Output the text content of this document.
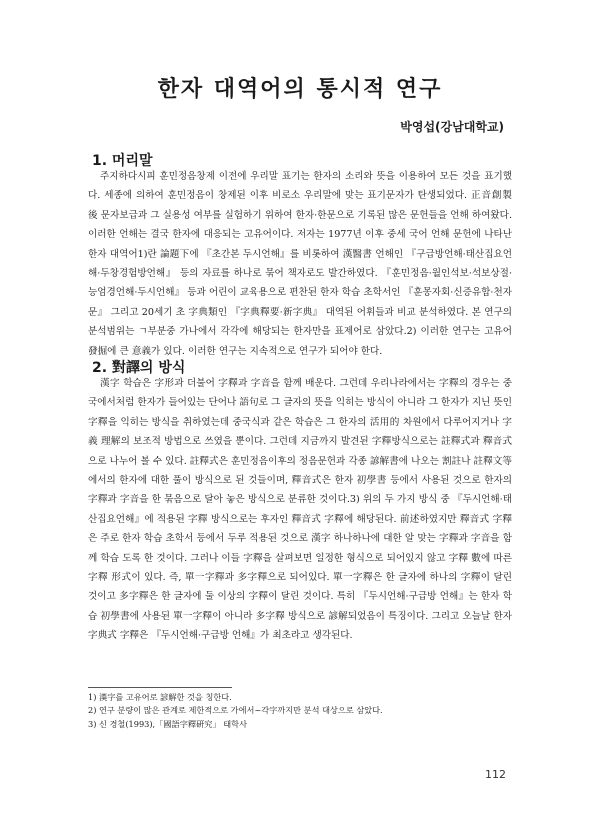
한자 대역어의 통시적 연구
박영섭(강남대학교)
1. 머리말

주지하다시피 훈민정음창제 이전에 우리말 표기는 한자의 소리와 뜻을 이용하여 모든 것을 표기했다. 세종에 의하여 훈민정음이 창제된 이후 비로소 우리말에 맞는 표기문자가 탄생되었다. 正音創製 後 문자보급과 그 실용성 여부를 실험하기 위하여 한자·한문으로 기록된 많은 문헌들을 언해 하여왔다. 이러한 언해는 결국 한자에 대응되는 고유어이다. 저자는 1977년 이후 중세 국어 언해 문헌에 나타난 한자 대역어1)란 論題下에 『초간본 두시언해』를 비롯하여 漢醫書 언해인 『구급방언해·태산집요언해·두창경험방언해』 등의 자료를 하나로 묶어 책자로도 발간하였다. 『훈민정음·월인석보·석보상절·능엄경언해·두시언해』 등과 어린이 교육용으로 편찬된 한자 학습 초학서인 『훈몽자회·신증유합·천자문』 그리고 20세기 초 字典類인 『字典釋要·新字典』 대역된 어휘들과 비교 분석하였다. 본 연구의 분석범위는 ㄱ부분중 가나에서 각각에 해당되는 한자만을 표제어로 삼았다.2) 이러한 연구는 고유어 發掘에 큰 意義가 있다. 이러한 연구는 지속적으로 연구가 되어야 한다.

2. 對譯의 방식

漢字 학습은 字形과 더불어 字釋과 字音을 함께 배운다. 그런데 우리나라에서는 字釋의 경우는 중국에서처럼 한자가 들어있는 단어나 語句로 그 글자의 뜻을 익히는 방식이 아니라 그 한자가 지닌 뜻인 字釋을 익히는 방식을 취하였는데 중국식과 같은 학습은 그 한자의 活用的 차원에서 다루어지거나 字義 理解의 보조적 방법으로 쓰였을 뿐이다. 그런데 지금까지 발견된 字釋방식으로는 註釋式과 釋音式으로 나누어 볼 수 있다. 註釋式은 훈민정음이후의 정음문헌과 각종 諺解書에 나오는 割註나 註釋文等에서의 한자에 대한 풀이 방식으로 된 것들이며, 釋音式은 한자 初學書 등에서 사용된 것으로 한자의 字釋과 字音을 한 묶음으로 달아 놓은 방식으로 분류한 것이다.3) 위의 두 가지 방식 중 『두시언해·태산집요언해』에 적용된 字釋 방식으로는 후자인 釋音式 字釋에 해당된다. 前述하였지만 釋音式 字釋은 주로 한자 학습 초학서 등에서 두루 적용된 것으로 漢字 하나하나에 대한 알 맞는 字釋과 字音을 함께 학습 도록 한 것이다. 그러나 이들 字釋을 살펴보면 일정한 형식으로 되어있지 않고 字釋 數에 따른 字釋 形式이 있다. 즉, 單一字釋과 多字釋으로 되어있다. 單一字釋은 한 글자에 하나의 字釋이 달린 것이고 多字釋은 한 글자에 둘 이상의 字釋이 달린 것이다. 특히 『두시언해·구급방 언해』는 한자 학습 初學書에 사용된 單一字釋이 아니라 多字釋 방식으로 諺解되었음이 특징이다. 그리고 오늘날 한자 字典式 字釋은 『두시언해·구급방 언해』가 최초라고 생각된다.

1) 漢字를 고유어로 諺解한 것을 칭한다.
2) 연구 분량이 많은 관계로 제한적으로 가에서~각字까지만 분석 대상으로 삼았다.
3) 신 경철(1993),「國語字釋硏究」 태학사
112
